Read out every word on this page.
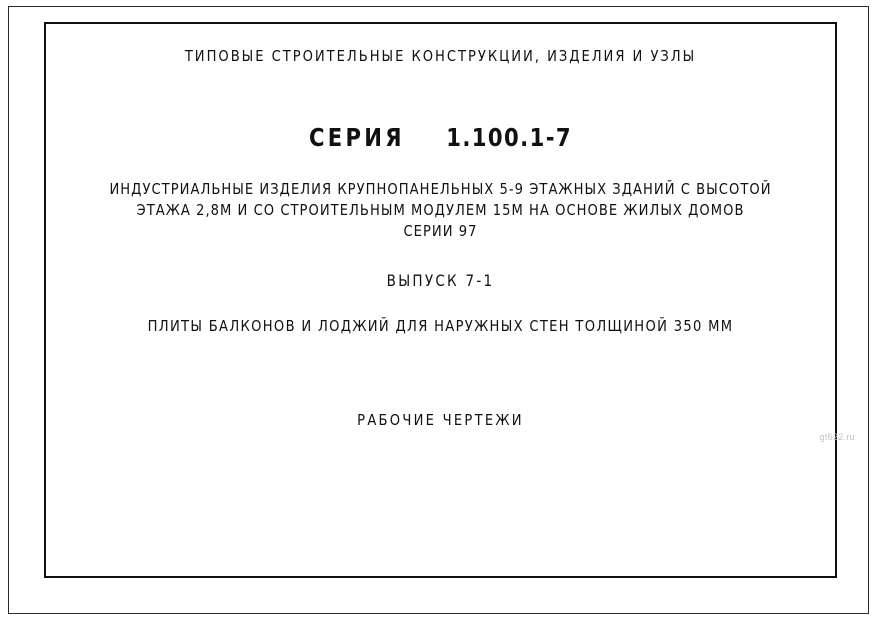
ТИПОВЫЕ СТРОИТЕЛЬНЫЕ КОНСТРУКЦИИ, ИЗДЕЛИЯ И УЗЛЫ
СЕРИЯ 1.100.1-7
ИНДУСТРИАЛЬНЫЕ ИЗДЕЛИЯ КРУПНОПАНЕЛЬНЫХ 5-9 ЭТАЖНЫХ ЗДАНИЙ С ВЫСОТОЙ
ЭТАЖА 2,8М И СО СТРОИТЕЛЬНЫМ МОДУЛЕМ 15М НА ОСНОВЕ ЖИЛЫХ ДОМОВ
СЕРИИ 97
ВЫПУСК 7-1
ПЛИТЫ БАЛКОНОВ И ЛОДЖИЙ ДЛЯ НАРУЖНЫХ СТЕН ТОЛЩИНОЙ 350 ММ
РАБОЧИЕ ЧЕРТЕЖИ
gt622.ru
